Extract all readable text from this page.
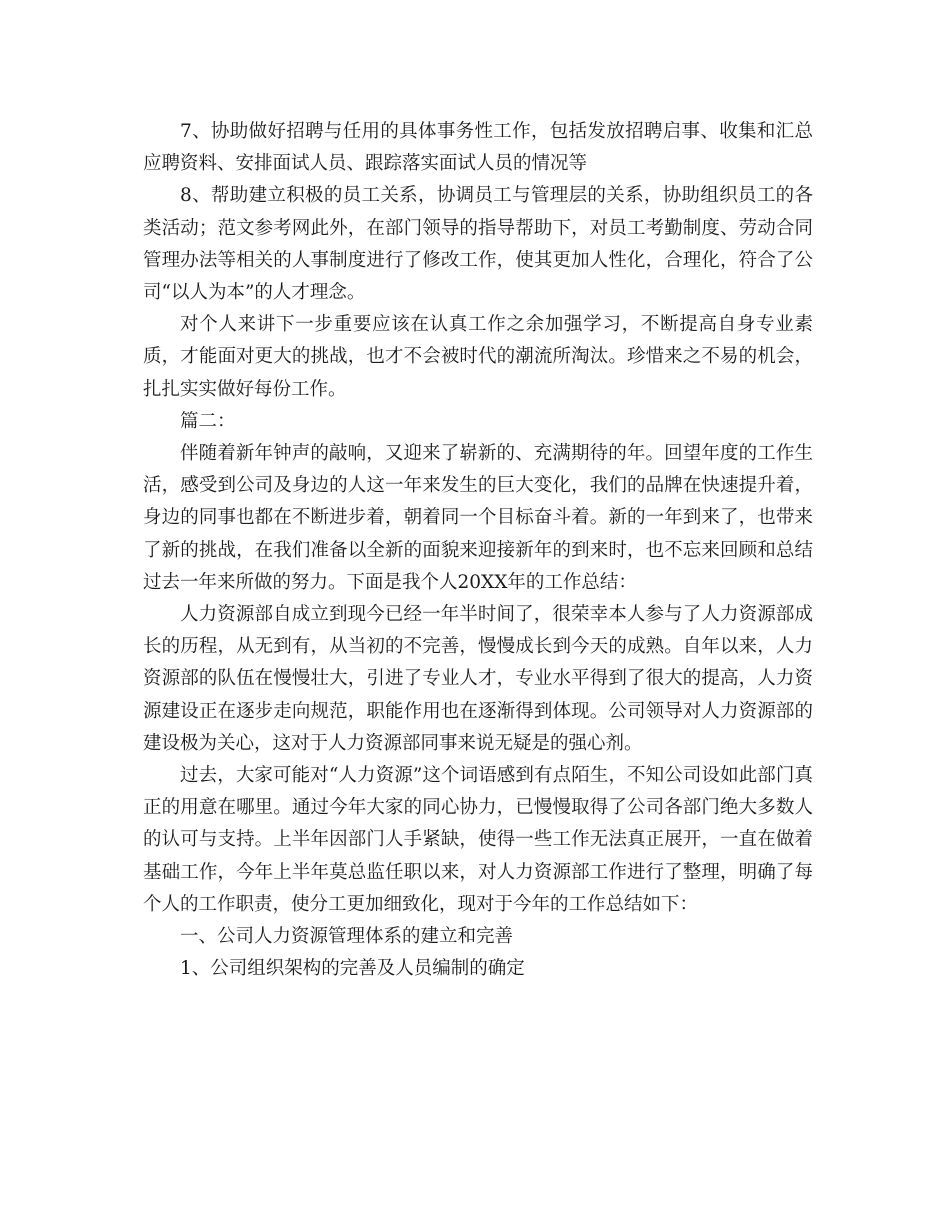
7、协助做好招聘与任用的具体事务性工作，包括发放招聘启事、收集和汇总应聘资料、安排面试人员、跟踪落实面试人员的情况等

8、帮助建立积极的员工关系，协调员工与管理层的关系，协助组织员工的各类活动；范文参考网此外，在部门领导的指导帮助下，对员工考勤制度、劳动合同管理办法等相关的人事制度进行了修改工作，使其更加人性化，合理化，符合了公司“以人为本”的人才理念。

对个人来讲下一步重要应该在认真工作之余加强学习，不断提高自身专业素质，才能面对更大的挑战，也才不会被时代的潮流所淘汰。珍惜来之不易的机会，扎扎实实做好每份工作。

篇二：

伴随着新年钟声的敲响，又迎来了崭新的、充满期待的年。回望年度的工作生活，感受到公司及身边的人这一年来发生的巨大变化，我们的品牌在快速提升着，身边的同事也都在不断进步着，朝着同一个目标奋斗着。新的一年到来了，也带来了新的挑战，在我们准备以全新的面貌来迎接新年的到来时，也不忘来回顾和总结过去一年来所做的努力。下面是我个人20XX年的工作总结：

人力资源部自成立到现今已经一年半时间了，很荣幸本人参与了人力资源部成长的历程，从无到有，从当初的不完善，慢慢成长到今天的成熟。自年以来，人力资源部的队伍在慢慢壮大，引进了专业人才，专业水平得到了很大的提高，人力资源建设正在逐步走向规范，职能作用也在逐渐得到体现。公司领导对人力资源部的建设极为关心，这对于人力资源部同事来说无疑是的强心剂。

过去，大家可能对“人力资源”这个词语感到有点陌生，不知公司设如此部门真正的用意在哪里。通过今年大家的同心协力，已慢慢取得了公司各部门绝大多数人的认可与支持。上半年因部门人手紧缺，使得一些工作无法真正展开，一直在做着基础工作，今年上半年莫总监任职以来，对人力资源部工作进行了整理，明确了每个人的工作职责，使分工更加细致化，现对于今年的工作总结如下：

一、公司人力资源管理体系的建立和完善

1、公司组织架构的完善及人员编制的确定
